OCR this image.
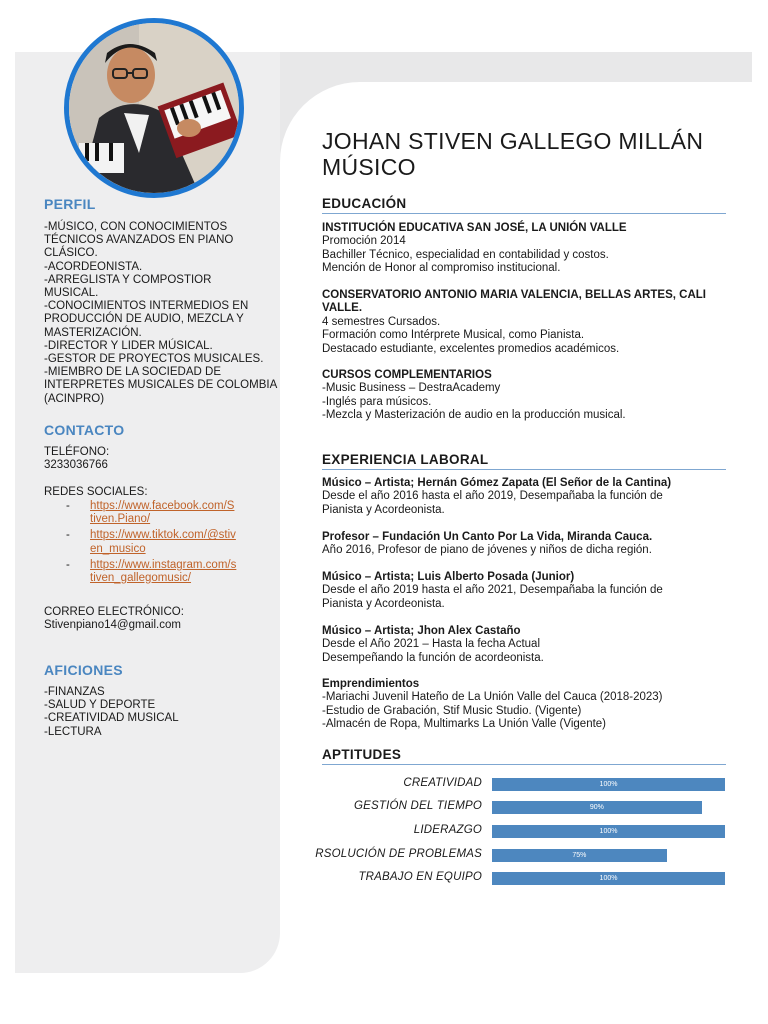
PERFIL
-MÚSICO, CON CONOCIMIENTOS
TÉCNICOS AVANZADOS EN PIANO
CLÁSICO.
-ACORDEONISTA.
-ARREGLISTA Y COMPOSTIOR
MUSICAL.
-CONOCIMIENTOS INTERMEDIOS EN
PRODUCCIÓN DE AUDIO, MEZCLA Y
MASTERIZACIÓN.
-DIRECTOR Y LIDER MÚSICAL.
-GESTOR DE PROYECTOS MUSICALES.
-MIEMBRO DE LA SOCIEDAD DE
INTERPRETES MUSICALES DE COLOMBIA
(ACINPRO)
CONTACTO
TELÉFONO:
3233036766
REDES SOCIALES:
- https://www.facebook.com/S
tiven.Piano/
- https://www.tiktok.com/@stiv
en_musico
- https://www.instagram.com/s
tiven_gallegomusic/
CORREO ELECTRÓNICO:
Stivenpiano14@gmail.com
AFICIONES
-FINANZAS
-SALUD Y DEPORTE
-CREATIVIDAD MUSICAL
-LECTURA
JOHAN STIVEN GALLEGO MILLÁN
MÚSICO
EDUCACIÓN
INSTITUCIÓN EDUCATIVA SAN JOSÉ, LA UNIÓN VALLE
Promoción 2014
Bachiller Técnico, especialidad en contabilidad y costos.
Mención de Honor al compromiso institucional.
CONSERVATORIO ANTONIO MARIA VALENCIA, BELLAS ARTES, CALI
VALLE.
4 semestres Cursados.
Formación como Intérprete Musical, como Pianista.
Destacado estudiante, excelentes promedios académicos.
CURSOS COMPLEMENTARIOS
-Music Business – DestraAcademy
-Inglés para músicos.
-Mezcla y Masterización de audio en la producción musical.
EXPERIENCIA LABORAL
Músico – Artista; Hernán Gómez Zapata (El Señor de la Cantina)
Desde el año 2016 hasta el año 2019, Desempañaba la función de
Pianista y Acordeonista.
Profesor – Fundación Un Canto Por La Vida, Miranda Cauca.
Año 2016, Profesor de piano de jóvenes y niños de dicha región.
Músico – Artista; Luis Alberto Posada (Junior)
Desde el año 2019 hasta el año 2021, Desempañaba la función de
Pianista y Acordeonista.
Músico – Artista; Jhon Alex Castaño
Desde el Año 2021 – Hasta la fecha Actual
Desempeñando la función de acordeonista.
Emprendimientos
-Mariachi Juvenil Hateño de La Unión Valle del Cauca (2018-2023)
-Estudio de Grabación, Stif Music Studio. (Vigente)
-Almacén de Ropa, Multimarks La Unión Valle (Vigente)
APTITUDES
CREATIVIDAD	100%
GESTIÓN DEL TIEMPO	90%
LIDERAZGO	100%
RSOLUCIÓN DE PROBLEMAS	75%
TRABAJO EN EQUIPO	100%
